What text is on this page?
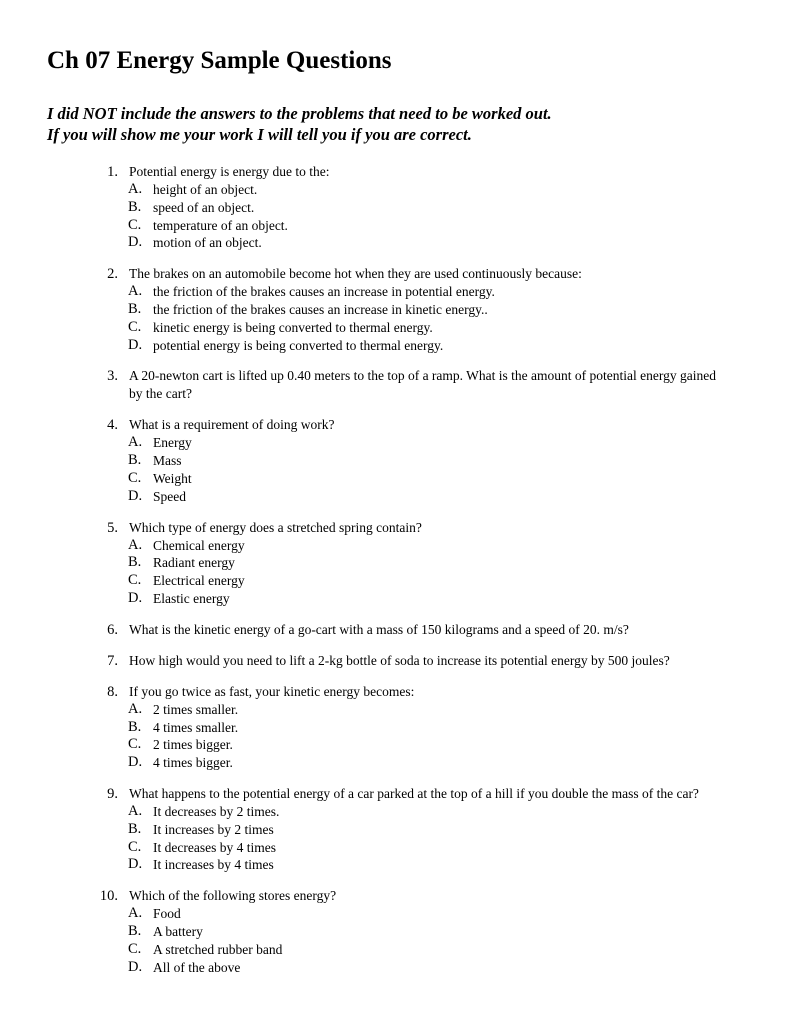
Ch 07 Energy Sample Questions
I did NOT include the answers to the problems that need to be worked out.
If you will show me your work I will tell you if you are correct.
1. Potential energy is energy due to the:
A. height of an object.
B. speed of an object.
C. temperature of an object.
D. motion of an object.
2. The brakes on an automobile become hot when they are used continuously because:
A. the friction of the brakes causes an increase in potential energy.
B. the friction of the brakes causes an increase in kinetic energy..
C. kinetic energy is being converted to thermal energy.
D. potential energy is being converted to thermal energy.
3. A 20-newton cart is lifted up 0.40 meters to the top of a ramp. What is the amount of potential energy gained by the cart?
4. What is a requirement of doing work?
A. Energy
B. Mass
C. Weight
D. Speed
5. Which type of energy does a stretched spring contain?
A. Chemical energy
B. Radiant energy
C. Electrical energy
D. Elastic energy
6. What is the kinetic energy of a go-cart with a mass of 150 kilograms and a speed of 20. m/s?
7. How high would you need to lift a 2-kg bottle of soda to increase its potential energy by 500 joules?
8. If you go twice as fast, your kinetic energy becomes:
A. 2 times smaller.
B. 4 times smaller.
C. 2 times bigger.
D. 4 times bigger.
9. What happens to the potential energy of a car parked at the top of a hill if you double the mass of the car?
A. It decreases by 2 times.
B. It increases by 2 times
C. It decreases by 4 times
D. It increases by 4 times
10. Which of the following stores energy?
A. Food
B. A battery
C. A stretched rubber band
D. All of the above
